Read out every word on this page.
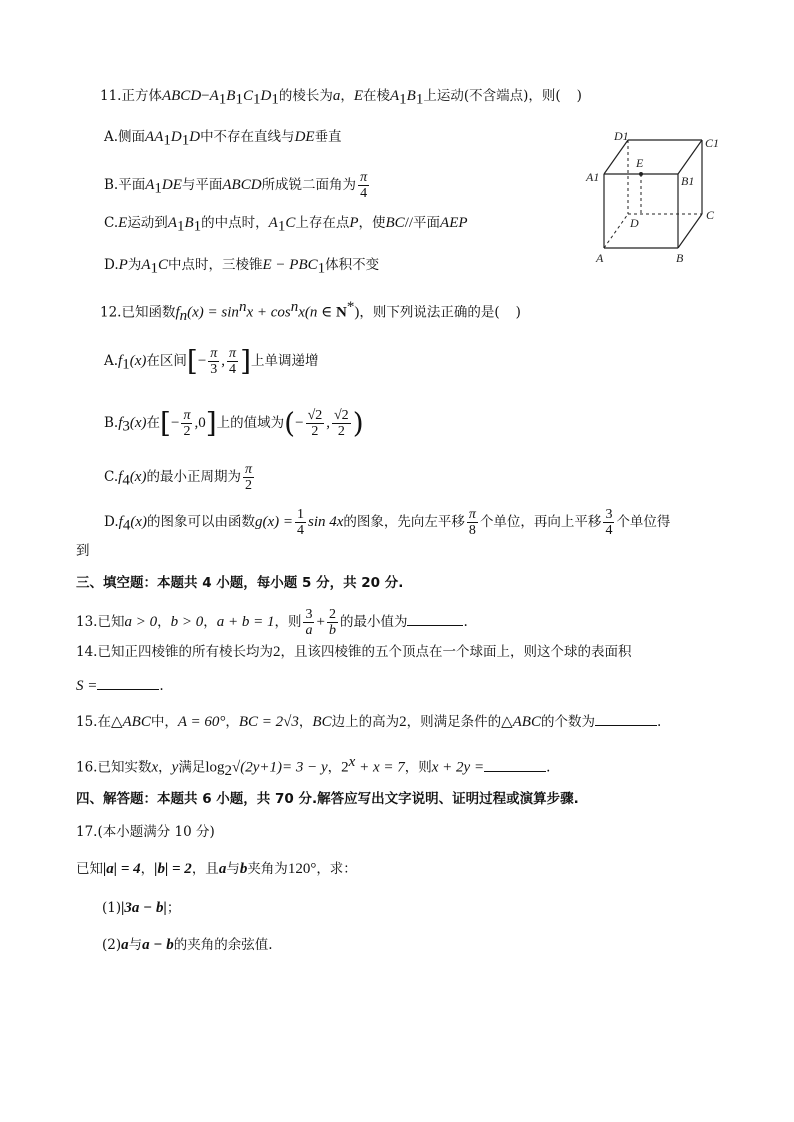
11.正方体$ABCD-A_1B_1C_1D_1$的棱长为a，E在棱$A_1B_1$上运动(不含端点)，则( )
A.侧面$AA_1D_1D$中不存在直线与DE垂直
B.平面$A_1DE$与平面ABCD所成锐二面角为 $\frac{\pi}{4}$
C.E运动到$A_1B_1$的中点时，$A_1C$上存在点P，使BC//平面AEP
D.P为$A_1C$中点时，三棱锥$E - PBC_1$体积不变
D1	C1
A1
E
B1
D
C
A	B
12.已知函数$f_n(x) = \sin^nx + \cos^nx(n$ ∈ N*)，则下列说法正确的是( )
$A.f_1(x)$在区间[− $\frac{\pi}{3}$ , $\frac{\pi}{4}$ ]上单调递增
$B.f_3(x)$在[− $\frac{\pi}{2} ,0$]上的值域为(− $\frac{√2}{2}$ , $\frac{√2}{2}$ )
$C.f_4(x)$的最小正周期为 $\frac{\pi}{2}$
$D.f_4(x)$的图象可以由函数$g(x) = \frac{1}{4}$ sin 4x的图象，先向左平移 $\frac{\pi}{8}$ 个单位，再向上平移 $\frac{3}{4}$ 个单位得
到
三、填空题：本题共 4 小题，每小题 5 分，共 20 分.
13.已知a > 0，b > 0，a + b = 1，则 $\frac{3}{a} + \frac{2}{b}$ 的最小值为	.
14.已知正四棱锥的所有棱长均为2，且该四棱锥的五个顶点在一个球面上，则这个球的表面积
S =	.
15.在△ABC中，A = 60°，BC = 2√3，BC边上的高为2，则满足条件的△ABC的个数为	.
16.已知实数x，y满足$\log_2√(2y+1)= 3 - y$，$2^x + x = 7$，则x + 2y =	.
四、解答题：本题共 6 小题，共 70 分.解答应写出文字说明、证明过程或演算步骤.
17.(本小题满分 10 分)
已知|a| = 4，|b| = 2，且a与b夹角为120°，求：
(1)|3a − b|；
(2)a与a − b的夹角的余弦值.
